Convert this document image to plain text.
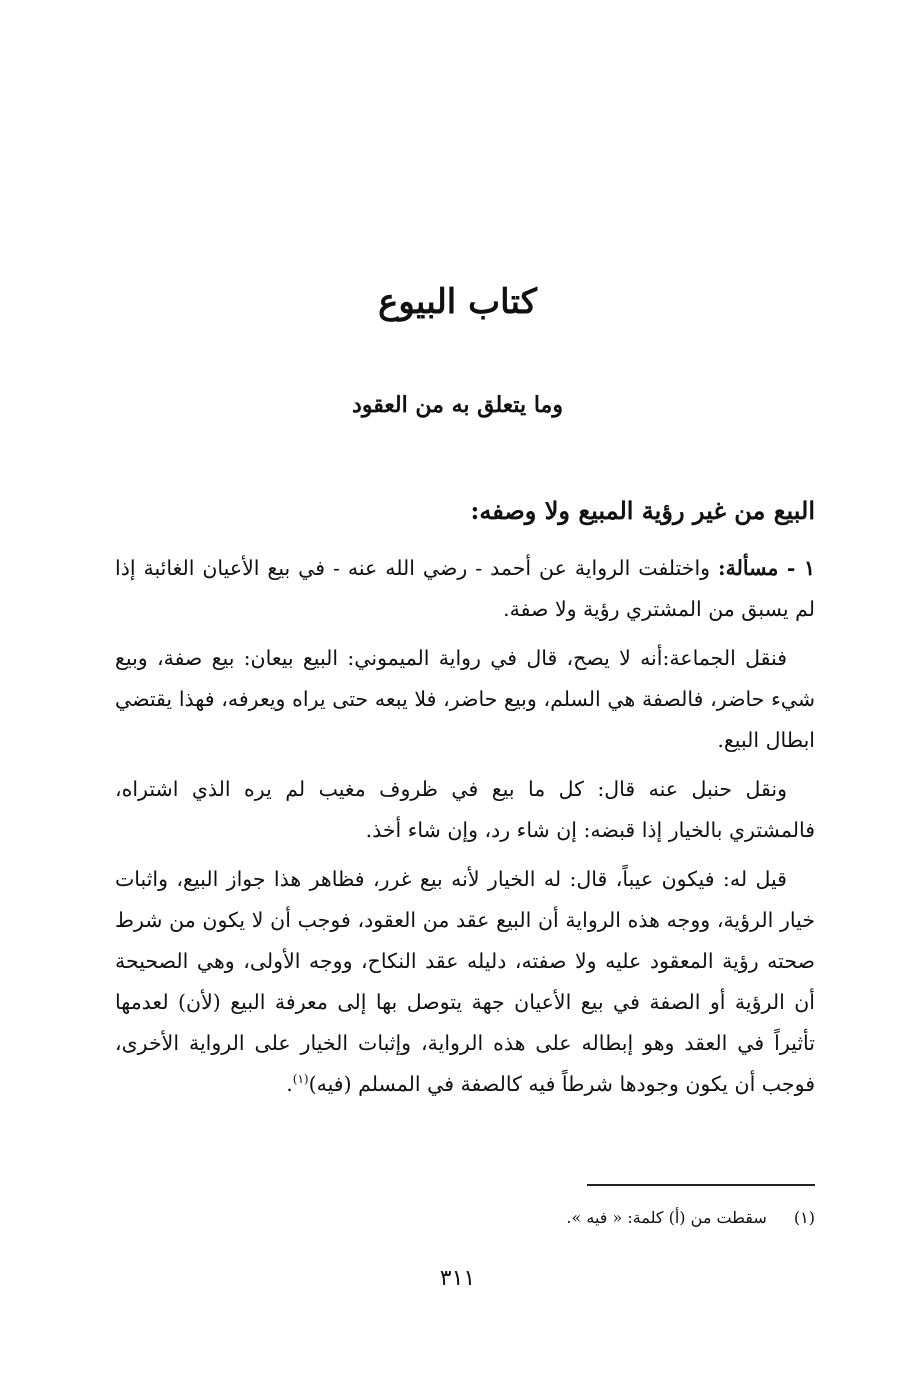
كتاب البيوع
وما يتعلق به من العقود
البيع من غير رؤية المبيع ولا وصفه:

١ - مسألة: واختلفت الرواية عن أحمد - رضي الله عنه - في بيع الأعيان الغائبة إذا لم يسبق من المشتري رؤية ولا صفة.

فنقل الجماعة:أنه لا يصح، قال في رواية الميموني: البيع بيعان: بيع صفة، وبيع شيء حاضر، فالصفة هي السلم، وبيع حاضر، فلا يبعه حتى يراه ويعرفه، فهذا يقتضي ابطال البيع.

ونقل حنبل عنه قال: كل ما بيع في ظروف مغيب لم يره الذي اشتراه، فالمشتري بالخيار إذا قبضه: إن شاء رد، وإن شاء أخذ.

قيل له: فيكون عيباً، قال: له الخيار لأنه بيع غرر، فظاهر هذا جواز البيع، واثبات خيار الرؤية، ووجه هذه الرواية أن البيع عقد من العقود، فوجب أن لا يكون من شرط صحته رؤية المعقود عليه ولا صفته، دليله عقد النكاح، ووجه الأولى، وهي الصحيحة أن الرؤية أو الصفة في بيع الأعيان جهة يتوصل بها إلى معرفة البيع (لأن) لعدمها تأثيراً في العقد وهو إبطاله على هذه الرواية، وإثبات الخيار على الرواية الأخرى، فوجب أن يكون وجودها شرطاً فيه كالصفة في المسلم (فيه)$^{(١)}$.

(١) سقطت من (أ) كلمة: « فيه ».

٣١١
